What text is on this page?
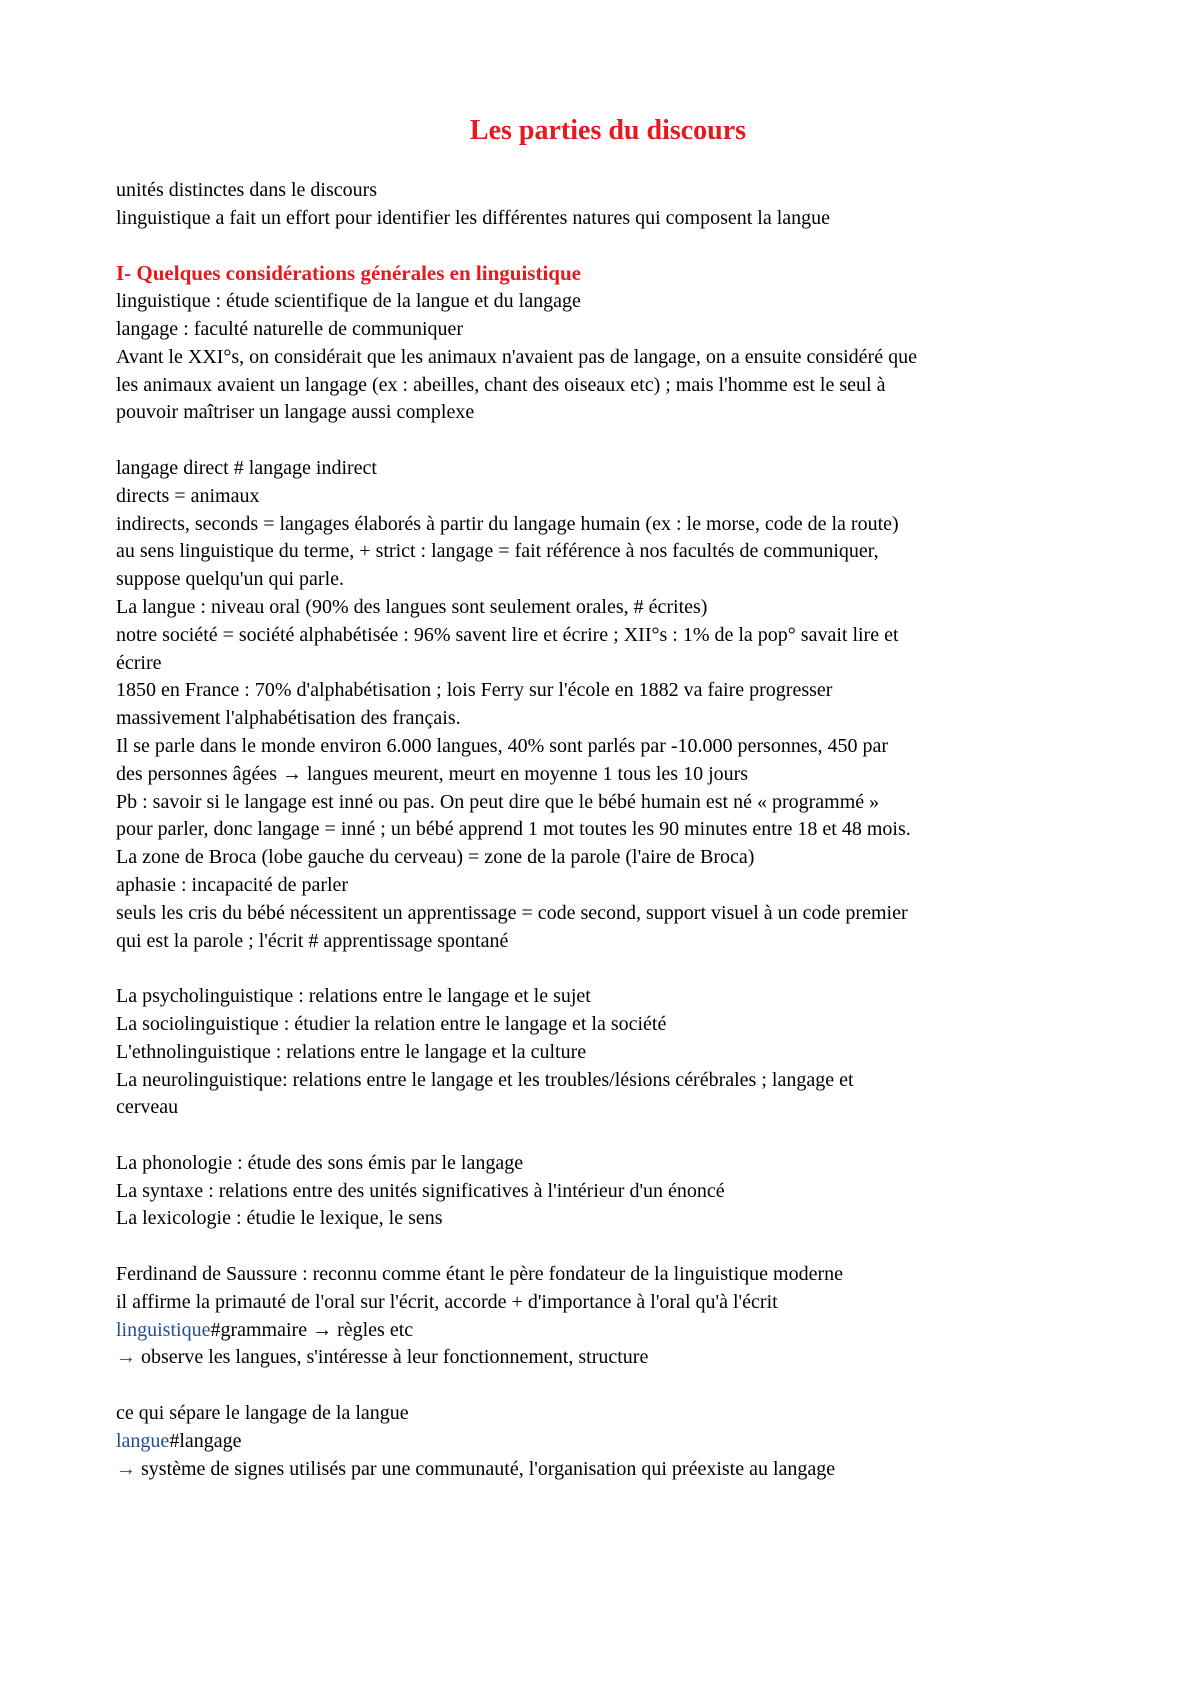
Les parties du discours

unités distinctes dans le discours

linguistique a fait un effort pour identifier les différentes natures qui composent la langue

I- Quelques considérations générales en linguistique

linguistique : étude scientifique de la langue et du langage

langage : faculté naturelle de communiquer

Avant le XXI°s, on considérait que les animaux n'avaient pas de langage, on a ensuite considéré que

les animaux avaient un langage (ex : abeilles, chant des oiseaux etc) ; mais l'homme est le seul à

pouvoir maîtriser un langage aussi complexe

langage direct # langage indirect

directs = animaux

indirects, seconds = langages élaborés à partir du langage humain (ex : le morse, code de la route)

au sens linguistique du terme, + strict : langage = fait référence à nos facultés de communiquer,

suppose quelqu'un qui parle.

La langue : niveau oral (90% des langues sont seulement orales, # écrites)

notre société = société alphabétisée : 96% savent lire et écrire ; XII°s : 1% de la pop° savait lire et

écrire

1850 en France : 70% d'alphabétisation ; lois Ferry sur l'école en 1882 va faire progresser

massivement l'alphabétisation des français.

Il se parle dans le monde environ 6.000 langues, 40% sont parlés par -10.000 personnes, 450 par

des personnes âgées → langues meurent, meurt en moyenne 1 tous les 10 jours

Pb : savoir si le langage est inné ou pas. On peut dire que le bébé humain est né « programmé »

pour parler, donc langage = inné ; un bébé apprend 1 mot toutes les 90 minutes entre 18 et 48 mois.

La zone de Broca (lobe gauche du cerveau) = zone de la parole (l'aire de Broca)

aphasie : incapacité de parler

seuls les cris du bébé nécessitent un apprentissage = code second, support visuel à un code premier

qui est la parole ; l'écrit # apprentissage spontané

La psycholinguistique : relations entre le langage et le sujet

La sociolinguistique : étudier la relation entre le langage et la société

L'ethnolinguistique : relations entre le langage et la culture

La neurolinguistique: relations entre le langage et les troubles/lésions cérébrales ; langage et

cerveau

La phonologie : étude des sons émis par le langage

La syntaxe : relations entre des unités significatives à l'intérieur d'un énoncé

La lexicologie : étudie le lexique, le sens

Ferdinand de Saussure : reconnu comme étant le père fondateur de la linguistique moderne

il affirme la primauté de l'oral sur l'écrit, accorde + d'importance à l'oral qu'à l'écrit

linguistique#grammaire → règles etc

→ observe les langues, s'intéresse à leur fonctionnement, structure

ce qui sépare le langage de la langue

langue#langage

→ système de signes utilisés par une communauté, l'organisation qui préexiste au langage
